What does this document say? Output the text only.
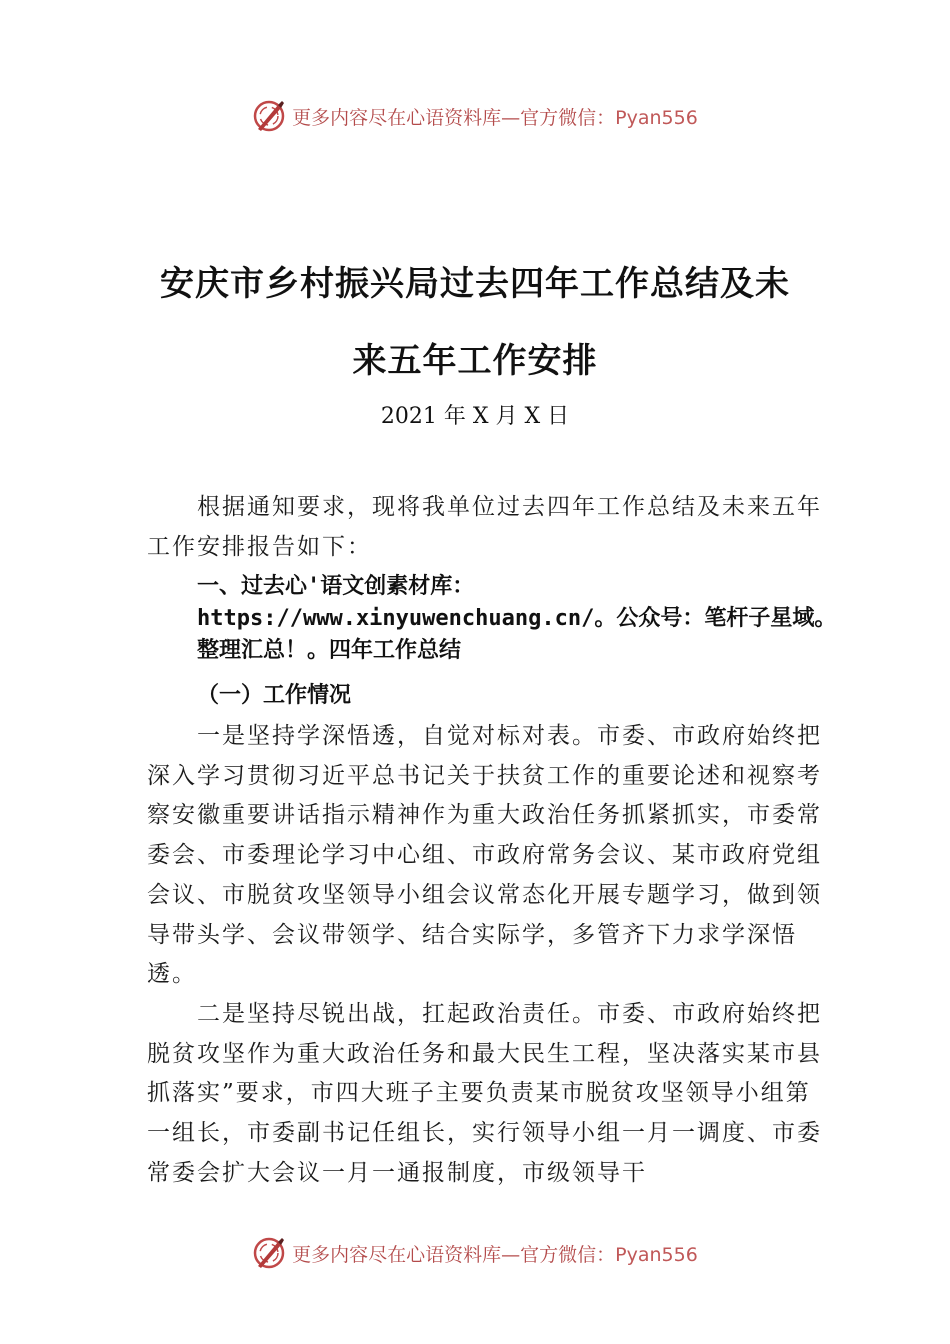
更多内容尽在心语资料库—官方微信：Pyan556
安庆市乡村振兴局过去四年工作总结及未
来五年工作安排
2021 年 X 月 X 日

根据通知要求，现将我单位过去四年工作总结及未来五年工作安排报告如下：

一、过去心'语文创素材库：https://www.xinyuwenchuang.cn/。公众号：笔杆子星域。整理汇总！。四年工作总结
（一）工作情况

一是坚持学深悟透，自觉对标对表。市委、市政府始终把深入学习贯彻习近平总书记关于扶贫工作的重要论述和视察考察安徽重要讲话指示精神作为重大政治任务抓紧抓实，市委常委会、市委理论学习中心组、市政府常务会议、某市政府党组会议、市脱贫攻坚领导小组会议常态化开展专题学习，做到领导带头学、会议带领学、结合实际学，多管齐下力求学深悟透。

二是坚持尽锐出战，扛起政治责任。市委、市政府始终把脱贫攻坚作为重大政治任务和最大民生工程，坚决落实某市县抓落实”要求，市四大班子主要负责某市脱贫攻坚领导小组第一组长，市委副书记任组长，实行领导小组一月一调度、市委常委会扩大会议一月一通报制度，市级领导干

更多内容尽在心语资料库—官方微信：Pyan556
